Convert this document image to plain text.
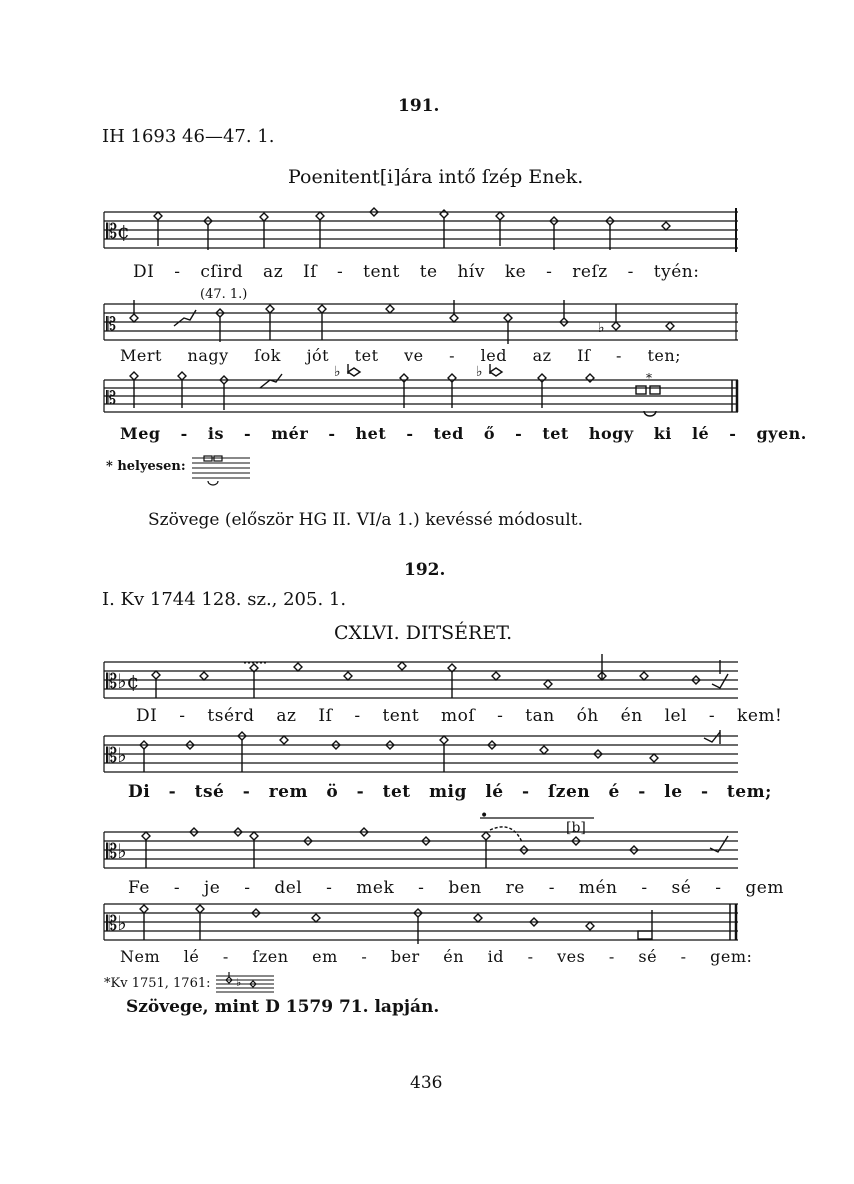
191.
IH 1693 46—47. 1.
Poenitent[i]ára intő ſzép Enek.
𝄡¢
DI - cſird az Iſ - tent te hív ke - reſz - tyén:
(47. 1.)
𝄡	♭
Mert nagy ſok jót tet ve - led az Iſ - ten;
𝄡
♭	♭	*
Meg - is - mér - het - ted ő - tet hogy ki lé - gyen.
* helyesen:
Szövege (először HG II. VI/a 1.) kevéssé módosult.
192.
I. Kv 1744 128. sz., 205. 1.
CXLVI. DITSÉRET.
𝄡♭¢
DI - tsérd az Iſ - tent moſ - tan óh én lel - kem!
𝄡♭
Di - tsé - rem ö - tet mig lé - ſzen é - le - tem;
𝄡♭
•
[b]
Fe - je - del - mek - ben re - mén - sé - gem
𝄡♭
Nem lé - ſzen em - ber én id - ves - sé - gem:
*Kv 1751, 1761: ♭
Szövege, mint D 1579 71. lapján.
436
